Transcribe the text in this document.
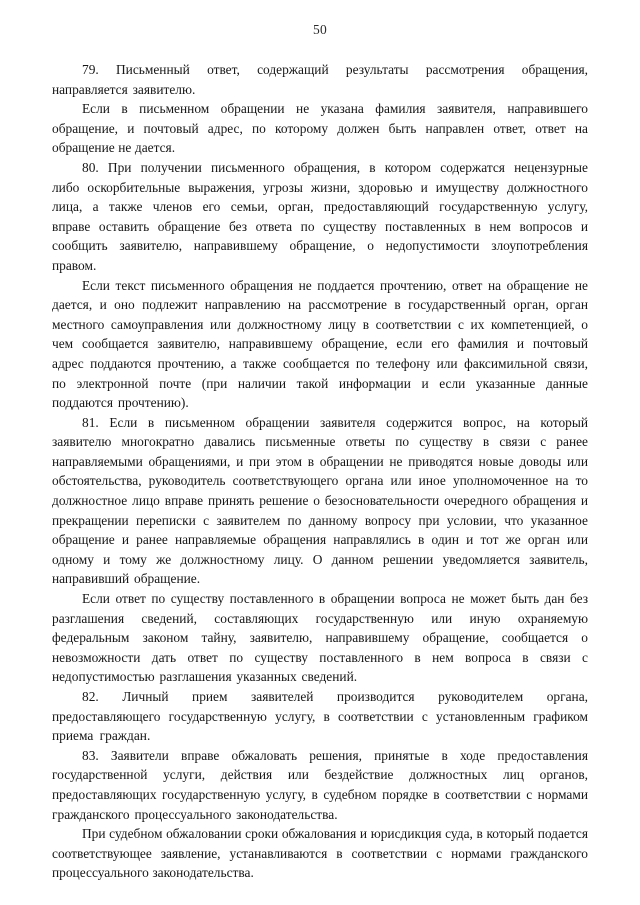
50

79. Письменный ответ, содержащий результаты рассмотрения обращения, направляется заявителю.

Если в письменном обращении не указана фамилия заявителя, направившего обращение, и почтовый адрес, по которому должен быть направлен ответ, ответ на обращение не дается.

80. При получении письменного обращения, в котором содержатся нецензурные либо оскорбительные выражения, угрозы жизни, здоровью и имуществу должностного лица, а также членов его семьи, орган, предоставляющий государственную услугу, вправе оставить обращение без ответа по существу поставленных в нем вопросов и сообщить заявителю, направившему обращение, о недопустимости злоупотребления правом.

Если текст письменного обращения не поддается прочтению, ответ на обращение не дается, и оно подлежит направлению на рассмотрение в государственный орган, орган местного самоуправления или должностному лицу в соответствии с их компетенцией, о чем сообщается заявителю, направившему обращение, если его фамилия и почтовый адрес поддаются прочтению, а также сообщается по телефону или факсимильной связи, по электронной почте (при наличии такой информации и если указанные данные поддаются прочтению).

81. Если в письменном обращении заявителя содержится вопрос, на который заявителю многократно давались письменные ответы по существу в связи с ранее направляемыми обращениями, и при этом в обращении не приводятся новые доводы или обстоятельства, руководитель соответствующего органа или иное уполномоченное на то должностное лицо вправе принять решение о безосновательности очередного обращения и прекращении переписки с заявителем по данному вопросу при условии, что указанное обращение и ранее направляемые обращения направлялись в один и тот же орган или одному и тому же должностному лицу. О данном решении уведомляется заявитель, направивший обращение.

Если ответ по существу поставленного в обращении вопроса не может быть дан без разглашения сведений, составляющих государственную или иную охраняемую федеральным законом тайну, заявителю, направившему обращение, сообщается о невозможности дать ответ по существу поставленного в нем вопроса в связи с недопустимостью разглашения указанных сведений.

82. Личный прием заявителей производится руководителем органа, предоставляющего государственную услугу, в соответствии с установленным графиком приема граждан.

83. Заявители вправе обжаловать решения, принятые в ходе предоставления государственной услуги, действия или бездействие должностных лиц органов, предоставляющих государственную услугу, в судебном порядке в соответствии с нормами гражданского процессуального законодательства.

При судебном обжаловании сроки обжалования и юрисдикция суда, в который подается соответствующее заявление, устанавливаются в соответствии с нормами гражданского процессуального законодательства.
